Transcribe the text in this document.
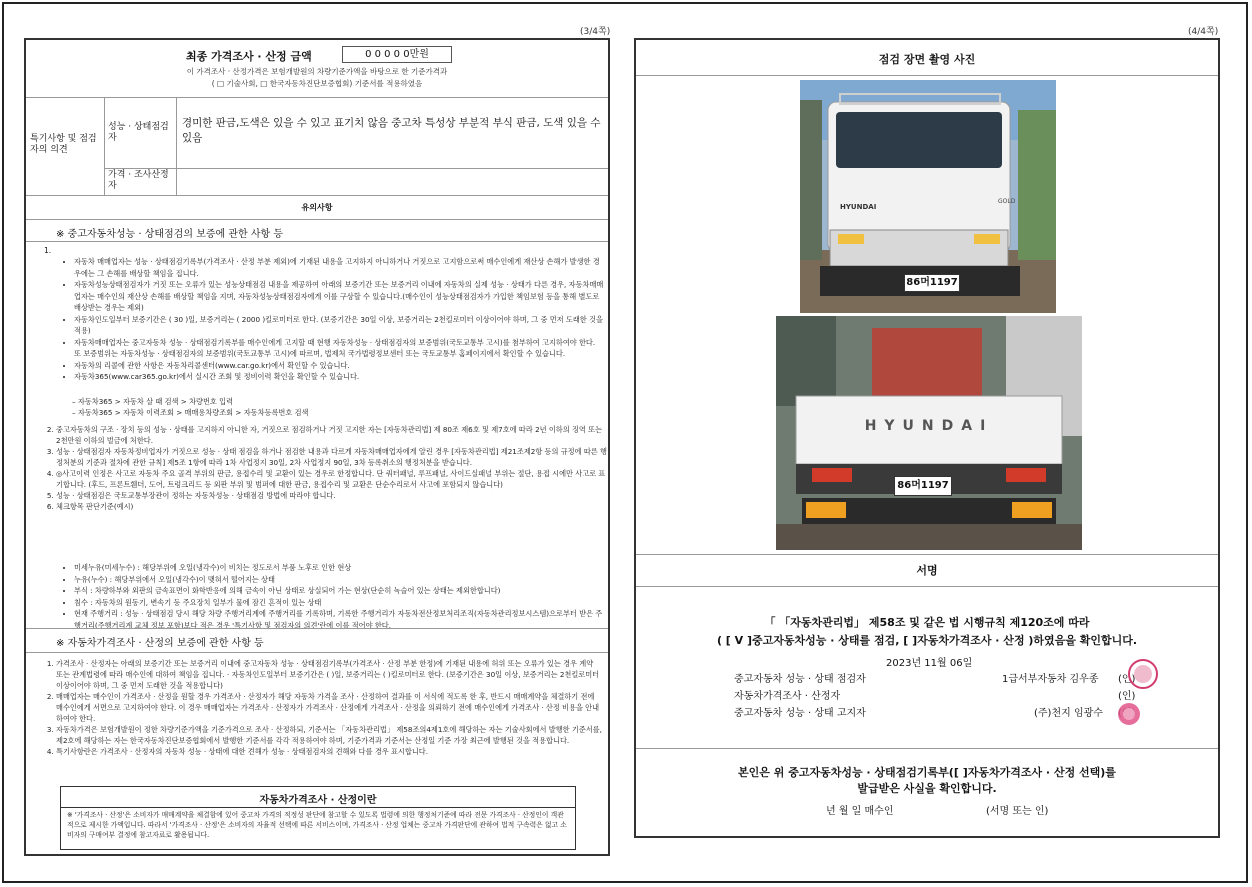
(3/4쪽)	(4/4쪽)
최종 가격조사 · 산정 금액	0 0 0 0 0만원
이 가격조사 · 산정가격은 보험개발원의 차량기준가액을 바탕으로 한 기준가격과
( □ 기술사회, □ 한국자동차진단보증협회) 기준서를 적용하였음
특기사항 및 점검자의 의견
성능 · 상태점검자
경미한 판금,도색은 있을 수 있고 표기치 않음 중고차 특성상 부분적 부식 판금, 도색 있을 수 있음
가격 · 조사산정자
유의사항
※ 중고자동차성능 · 상태점검의 보증에 관한 사항 등
1.
• 자동차 매매업자는 성능 · 상태점검기록부(가격조사 · 산정 부분 제외)에 기재된 내용을 고지하지 아니하거나 거짓으로 고지함으로써 매수인에게 재산상 손해가 발생한 경우에는 그 손해를 배상할 책임을 집니다.
• 자동차성능상태점검자가 거짓 또는 오류가 있는 성능상태점검 내용을 제공하여 아래의 보증기간 또는 보증거리 이내에 자동차의 실제 성능 · 상태가 다른 경우, 자동차매매업자는 매수인의 재산상 손해를 배상할 책임을 지며, 자동차성능상태점검자에게 이를 구상할 수 있습니다.(매수인이 성능상태점검자가 가입한 책임보험 등을 통해 별도로 배상받는 경우는 제외)
• 자동차인도일부터 보증기간은 ( 30 )일, 보증거리는 ( 2000 )킬로미터로 한다. (보증기간은 30일 이상, 보증거리는 2천킬로미터 이상이어야 하며, 그 중 먼저 도래한 것을 적용)
• 자동차매매업자는 중고자동차 성능 · 상태점검기록부를 매수인에게 고지할 때 현행 자동차성능 · 상태점검자의 보증범위(국토교통부 고시)를 첨부하여 고지하여야 한다. 또 보증범위는 자동차성능 · 상태점검자의 보증범위(국토교통부 고시)에 따르며, 법제처 국가법령정보센터 또는 국토교통부 홈페이지에서 확인할 수 있습니다.
• 자동차의 리콜에 관한 사항은 자동차리콜센터(www.car.go.kr)에서 확인할 수 있습니다.
• 자동차365(www.car365.go.kr)에서 실시간 조회 및 정비이력 확인을 확인할 수 있습니다.
– 자동차365 > 자동차 살 때 검색 > 차량번호 입력
– 자동차365 > 자동차 이력조회 > 매매용차량조회 > 자동차등록번호 검색
2. 중고자동차의 구조 · 장치 등의 성능 · 상태를 고지하지 아니한 자, 거짓으로 점검하거나 거짓 고지한 자는 [자동차관리법] 제 80조 제6호 및 제7호에 따라 2년 이하의 징역 또는 2천만원 이하의 벌금에 처한다.
3. 성능 · 상태점검자 자동차정비업자가 거짓으로 성능 · 상태 점검을 하거나 점검한 내용과 다르게 자동차매매업자에게 알린 경우 [자동차관리법] 제21조제2항 등의 규정에 따른 행정처분의 기준과 절차에 관한 규칙] 제5조 1항에 따라 1차 사업정지 30일, 2차 사업정지 90일, 3차 등록취소의 행정처분을 받습니다.
4. ◎사고이력 인정은 사고로 자동차 주요 골격 부위의 판금, 용접수리 및 교환이 있는 경우로 한정합니다. 단 쿼터패널, 루프패널, 사이드실패널 부위는 절단, 용접 시에만 사고로 표기합니다. (후드, 프론트휀더, 도어, 트렁크리드 등 외판 부위 및 범퍼에 대한 판금, 용접수리 및 교환은 단순수리로서 사고에 포함되지 않습니다)
5. 성능 · 상태점검은 국토교통부장관이 정하는 자동차성능 · 상태점검 방법에 따라야 합니다.
6. 체크항목 판단기준(예시)
• 미세누유(미세누수) : 해당부위에 오일(냉각수)이 비치는 정도로서 부품 노후로 인한 현상
• 누유(누수) : 해당부위에서 오일(냉각수)이 맺혀서 떨어지는 상태
• 부식 : 차량하부와 외판의 금속표면이 화학반응에 의해 금속이 아닌 상태로 상실되어 가는 현상(단순히 녹슬어 있는 상태는 제외한합니다)
• 침수 : 자동차의 원동기, 변속기 등 주요장치 일부가 물에 잠긴 흔적이 있는 상태
• 현재 주행거리 : 성능 · 상태점검 당시 해당 차량 주행거리계에 주행거리를 기록하며, 기록한 주행거리가 자동차전산정보처리조직(자동차관리정보시스템)으로부터 받은 주행거리(주행거리계 교체 정보 포함)보다 적은 경우 '특기사항 및 점검자의 의견'란에 이를 적어야 한다.
※ 자동차가격조사 · 산정의 보증에 관한 사항 등
1. 가격조사 · 산정자는 아래의 보증기간 또는 보증거리 이내에 중고자동차 성능 · 상태점검기록부(가격조사 · 산정 부분 한정)에 기재된 내용에 허위 또는 오류가 있는 경우 계약 또는 관계법령에 따라 매수인에 대하여 책임을 집니다. · 자동차인도일부터 보증기간은 ( )일, 보증거리는 ( )킬로미터로 한다. (보증기간은 30일 이상, 보증거리는 2천킬로미터 이상이어야 하며, 그 중 먼저 도래한 것을 적용합니다)
2. 매매업자는 매수인이 가격조사 · 산정을 원할 경우 가격조사 · 산정자가 해당 자동차 가격을 조사 · 산정하여 결과를 이 서식에 적도록 한 후, 반드시 매매계약을 체결하기 전에 매수인에게 서면으로 고지하여야 한다. 이 경우 매매업자는 가격조사 · 산정자가 가격조사 · 산정에게 가격조사 · 산정을 의뢰하기 전에 매수인에게 가격조사 · 산정 비용을 안내하여야 한다.
3. 자동차가격은 보험개발원이 정한 차량기준가액을 기준가격으로 조사 · 산정하되, 기준서는 「자동차관리법」 제58조의4제1호에 해당하는 자는 기술사회에서 발행한 기준서를, 제2호에 해당하는 자는 한국자동차진단보증협회에서 발행한 기준서를 각각 적용하여야 하며, 기준가격과 기준서는 산정일 기준 가장 최근에 발행된 것을 적용합니다.
4. 특기사항란은 가격조사 · 산정자의 자동차 성능 · 상태에 대한 견해가 성능 · 상태점검자의 견해와 다를 경우 표시합니다.
자동차가격조사 · 산정이란
※ '가격조사 · 산정'은 소비자가 매매계약을 체결함에 있어 중고차 가격의 적정성 판단에 참고할 수 있도록 법령에 의한 행정처기준에 따라 전문 가격조사 · 산정인이 객관적으로 제시한 가액입니다. 따라서 '가격조사 · 산정'은 소비자의 자율적 선택에 따른 서비스이며, 가격조사 · 산정 업체는 중고차 가격판단에 관하여 법적 구속력은 없고 소비자의 구매여부 결정에 참고자료로 활용됩니다.
점검 장면 촬영 사진
HYUNDAI
GOLD
86머1197
HYUNDAI
86머1197
서명
「 「자동차관리법」 제58조 및 같은 법 시행규칙 제120조에 따라
( [ V ]중고자동차성능 · 상태를 점검, [ ]자동차가격조사 · 산정 )하였음을 확인합니다.
2023년 11월 06일
중고자동차 성능 · 상태 점검자	1급서부자동차 김우종 (인)
자동차가격조사 · 산정자	(인)
중고자동차 성능 · 상태 고지자	(주)천지 임광수
본인은 위 중고자동차성능 · 상태점검기록부([ ]자동차가격조사 · 산정 선택)를
발급받은 사실을 확인합니다.
년 월 일 매수인	(서명 또는 인)
